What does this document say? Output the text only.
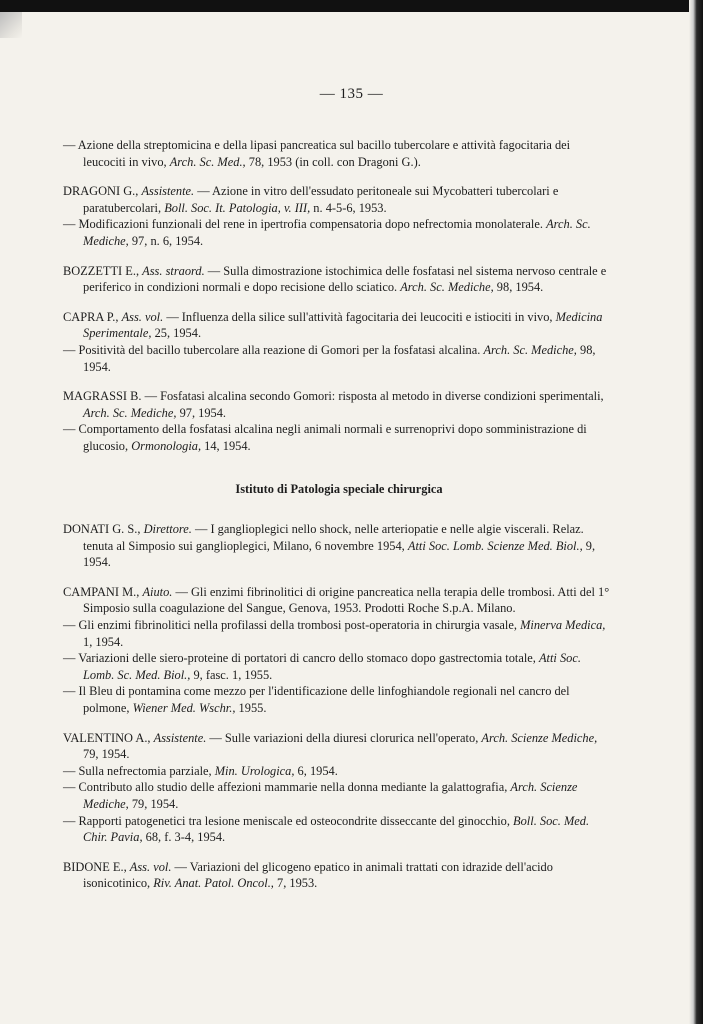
— 135 —
— Azione della streptomicina e della lipasi pancreatica sul bacillo tubercolare e attività fagocitaria dei leucociti in vivo, Arch. Sc. Med., 78, 1953 (in coll. con Dragoni G.).
DRAGONI G., Assistente. — Azione in vitro dell'essudato peritoneale sui Mycobatteri tubercolari e paratubercolari, Boll. Soc. It. Patologia, v. III, n. 4-5-6, 1953.
— Modificazioni funzionali del rene in ipertrofia compensatoria dopo nefrectomia monolaterale. Arch. Sc. Mediche, 97, n. 6, 1954.
BOZZETTI E., Ass. straord. — Sulla dimostrazione istochimica delle fosfatasi nel sistema nervoso centrale e periferico in condizioni normali e dopo recisione dello sciatico. Arch. Sc. Mediche, 98, 1954.
CAPRA P., Ass. vol. — Influenza della silice sull'attività fagocitaria dei leucociti e istiociti in vivo, Medicina Sperimentale, 25, 1954.
— Positività del bacillo tubercolare alla reazione di Gomori per la fosfatasi alcalina. Arch. Sc. Mediche, 98, 1954.
MAGRASSI B. — Fosfatasi alcalina secondo Gomori: risposta al metodo in diverse condizioni sperimentali, Arch. Sc. Mediche, 97, 1954.
— Comportamento della fosfatasi alcalina negli animali normali e surrenoprivi dopo somministrazione di glucosio, Ormonologia, 14, 1954.
Istituto di Patologia speciale chirurgica
DONATI G. S., Direttore. — I ganglioplegici nello shock, nelle arteriopatie e nelle algie viscerali. Relaz. tenuta al Simposio sui ganglioplegici, Milano, 6 novembre 1954, Atti Soc. Lomb. Scienze Med. Biol., 9, 1954.
CAMPANI M., Aiuto. — Gli enzimi fibrinolitici di origine pancreatica nella terapia delle trombosi. Atti del 1° Simposio sulla coagulazione del Sangue, Genova, 1953. Prodotti Roche S.p.A. Milano.
— Gli enzimi fibrinolitici nella profilassi della trombosi post-operatoria in chirurgia vasale, Minerva Medica, 1, 1954.
— Variazioni delle siero-proteine di portatori di cancro dello stomaco dopo gastrectomia totale, Atti Soc. Lomb. Sc. Med. Biol., 9, fasc. 1, 1955.
— Il Bleu di pontamina come mezzo per l'identificazione delle linfoghiandole regionali nel cancro del polmone, Wiener Med. Wschr., 1955.
VALENTINO A., Assistente. — Sulle variazioni della diuresi clorurica nell'operato, Arch. Scienze Mediche, 79, 1954.
— Sulla nefrectomia parziale, Min. Urologica, 6, 1954.
— Contributo allo studio delle affezioni mammarie nella donna mediante la galattografia, Arch. Scienze Mediche, 79, 1954.
— Rapporti patogenetici tra lesione meniscale ed osteocondrite disseccante del ginocchio, Boll. Soc. Med. Chir. Pavia, 68, f. 3-4, 1954.
BIDONE E., Ass. vol. — Variazioni del glicogeno epatico in animali trattati con idrazide dell'acido isonicotinico, Riv. Anat. Patol. Oncol., 7, 1953.
